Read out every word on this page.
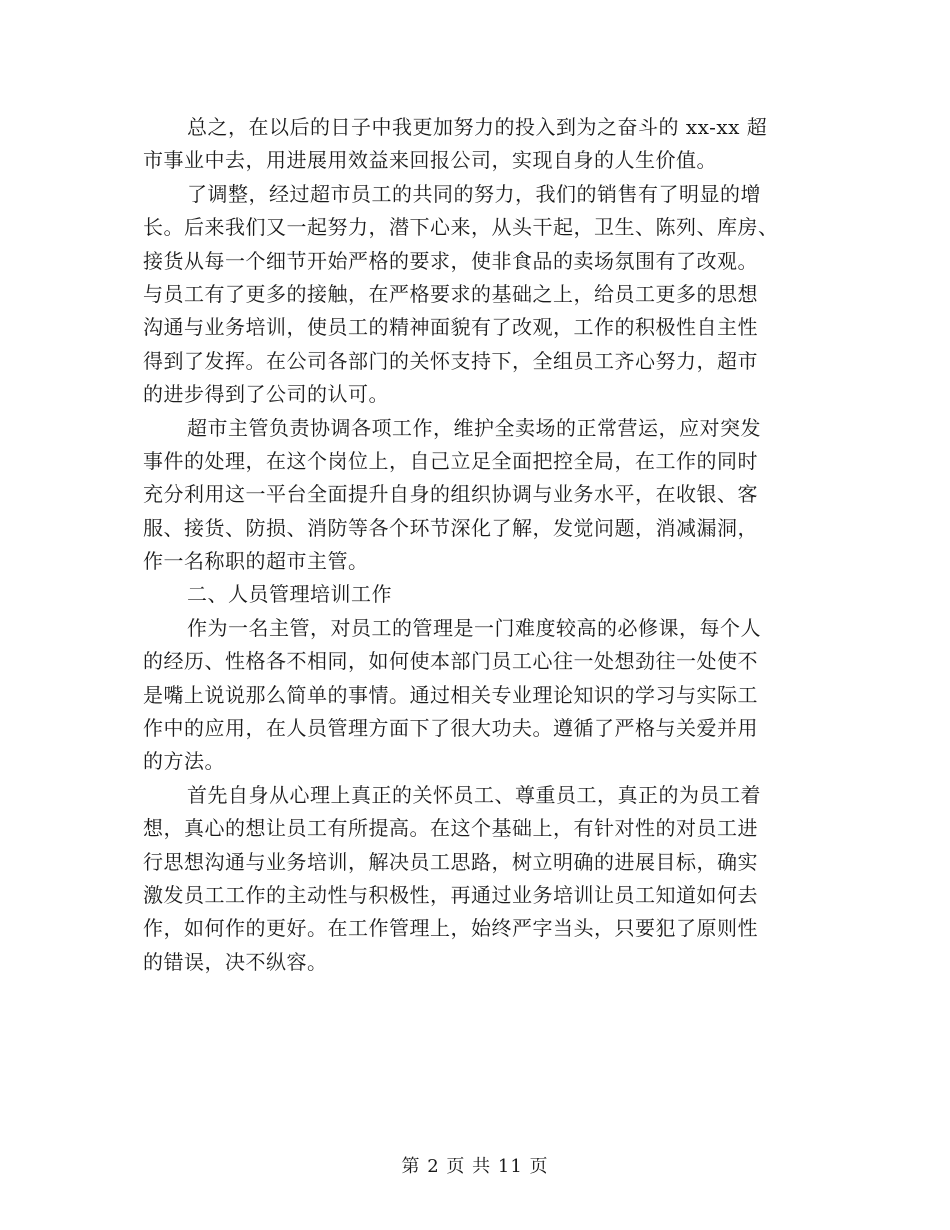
总之，在以后的日子中我更加努力的投入到为之奋斗的 xx-xx 超
市事业中去，用进展用效益来回报公司，实现自身的人生价值。
了调整，经过超市员工的共同的努力，我们的销售有了明显的增
长。后来我们又一起努力，潜下心来，从头干起，卫生、陈列、库房、
接货从每一个细节开始严格的要求，使非食品的卖场氛围有了改观。
与员工有了更多的接触，在严格要求的基础之上，给员工更多的思想
沟通与业务培训，使员工的精神面貌有了改观，工作的积极性自主性
得到了发挥。在公司各部门的关怀支持下，全组员工齐心努力，超市
的进步得到了公司的认可。
超市主管负责协调各项工作，维护全卖场的正常营运，应对突发
事件的处理，在这个岗位上，自己立足全面把控全局，在工作的同时
充分利用这一平台全面提升自身的组织协调与业务水平，在收银、客
服、接货、防损、消防等各个环节深化了解，发觉问题，消减漏洞，
作一名称职的超市主管。
二、人员管理培训工作
作为一名主管，对员工的管理是一门难度较高的必修课，每个人
的经历、性格各不相同，如何使本部门员工心往一处想劲往一处使不
是嘴上说说那么简单的事情。通过相关专业理论知识的学习与实际工
作中的应用，在人员管理方面下了很大功夫。遵循了严格与关爱并用
的方法。
首先自身从心理上真正的关怀员工、尊重员工，真正的为员工着
想，真心的想让员工有所提高。在这个基础上，有针对性的对员工进
行思想沟通与业务培训，解决员工思路，树立明确的进展目标，确实
激发员工工作的主动性与积极性，再通过业务培训让员工知道如何去
作，如何作的更好。在工作管理上，始终严字当头，只要犯了原则性
的错误，决不纵容。
第 2 页 共 11 页
